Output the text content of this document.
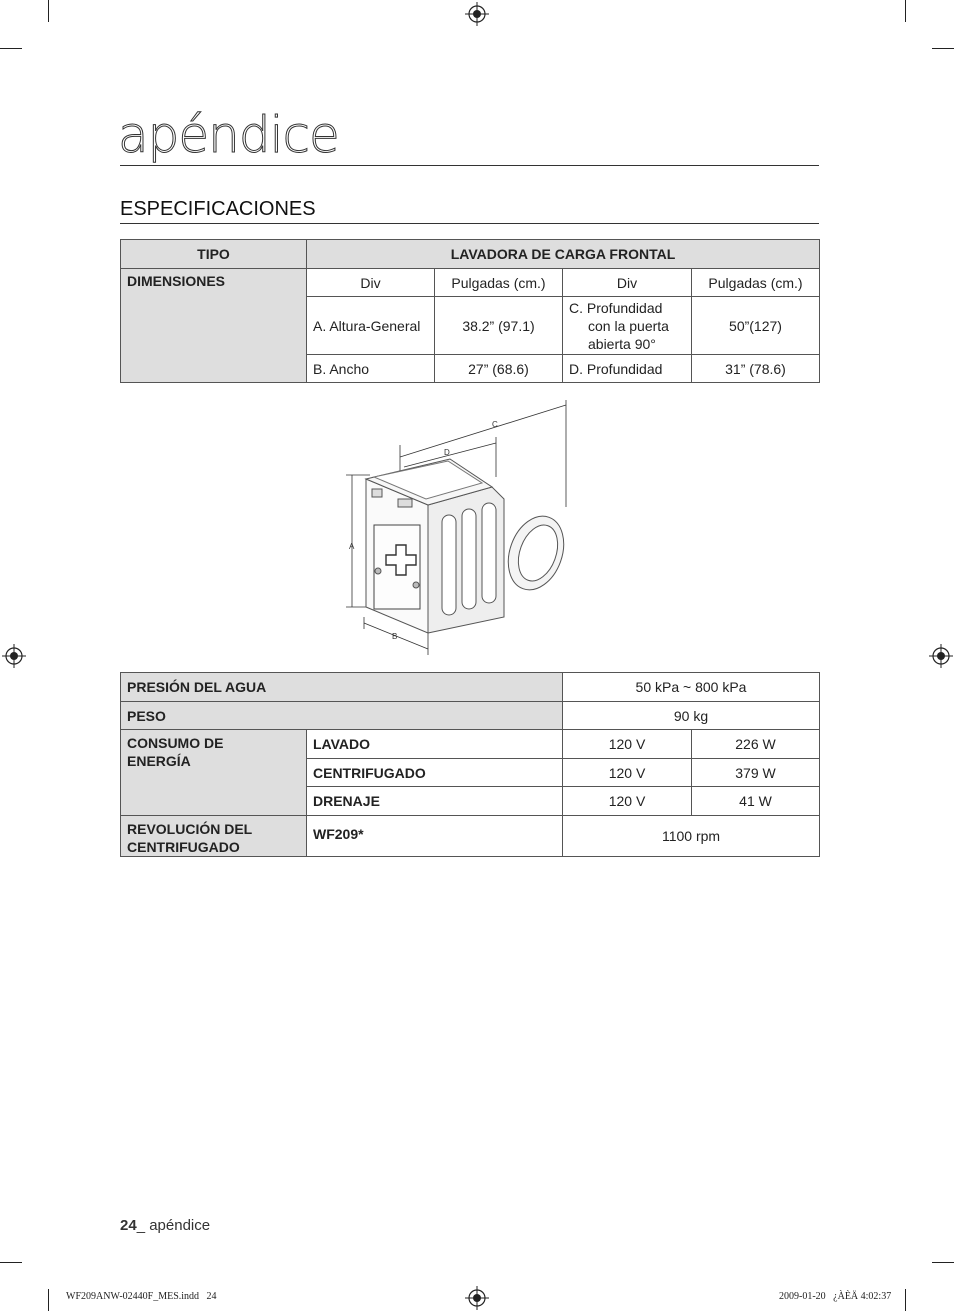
apéndice
ESPECIFICACIONES
TIPO	LAVADORA DE CARGA FRONTAL			
DIMENSIONES	Div	Pulgadas (cm.)	Div	Pulgadas (cm.)
	A. Altura-General	38.2” (97.1)	C. Profundidad
con la puerta
abierta 90°	50”(127)
	B. Ancho	27” (68.6)	D. Profundidad	31” (78.6)
C
D
A
B
PRESIÓN DEL AGUA		50 kPa ~ 800 kPa	
PESO		90 kg	

CONSUMO DE
ENERGÍA	LAVADO	120 V	226 W
	CENTRIFUGADO	120 V	379 W
	DRENAJE	120 V	41 W

REVOLUCIÓN DEL
CENTRIFUGADO	WF209*	1100 rpm	
24_ apéndice
WF209ANW-02440F_MES.indd   24	2009-01-20   ¿ÀÈÄ 4:02:37
